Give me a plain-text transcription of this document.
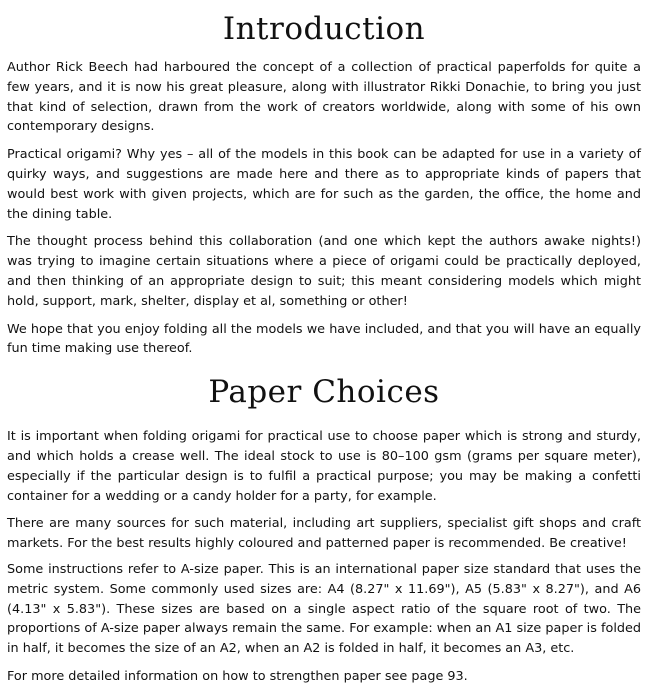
Introduction

Author Rick Beech had harboured the concept of a collection of practical paperfolds for quite a few years, and it is now his great pleasure, along with illustrator Rikki Donachie, to bring you just that kind of selection, drawn from the work of creators worldwide, along with some of his own contemporary designs.

Practical origami? Why yes – all of the models in this book can be adapted for use in a variety of quirky ways, and suggestions are made here and there as to appropriate kinds of papers that would best work with given projects, which are for such as the garden, the office, the home and the dining table.

The thought process behind this collaboration (and one which kept the authors awake nights!) was trying to imagine certain situations where a piece of origami could be practically deployed, and then thinking of an appropriate design to suit; this meant considering models which might hold, support, mark, shelter, display et al, something or other!

We hope that you enjoy folding all the models we have included, and that you will have an equally fun time making use thereof.

Paper Choices

It is important when folding origami for practical use to choose paper which is strong and sturdy, and which holds a crease well. The ideal stock to use is 80–100 gsm (grams per square meter), especially if the particular design is to fulfil a practical purpose; you may be making a confetti container for a wedding or a candy holder for a party, for example.

There are many sources for such material, including art suppliers, specialist gift shops and craft markets. For the best results highly coloured and patterned paper is recommended. Be creative!

Some instructions refer to A-size paper. This is an international paper size standard that uses the metric system. Some commonly used sizes are: A4 (8.27" x 11.69"), A5 (5.83" x 8.27"), and A6 (4.13" x 5.83"). These sizes are based on a single aspect ratio of the square root of two. The proportions of A-size paper always remain the same. For example: when an A1 size paper is folded in half, it becomes the size of an A2, when an A2 is folded in half, it becomes an A3, etc.

For more detailed information on how to strengthen paper see page 93.
